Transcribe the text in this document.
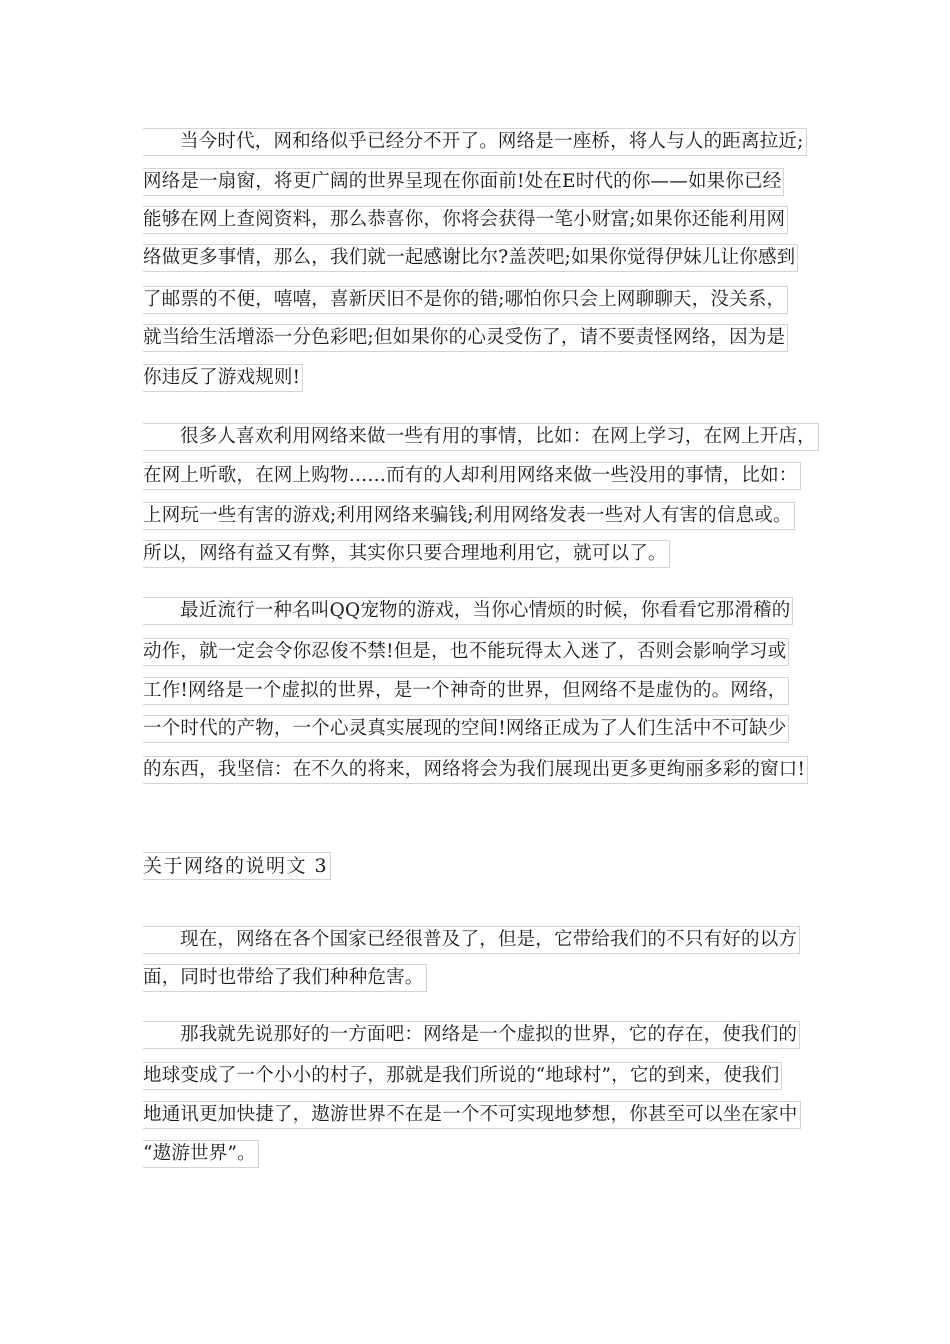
当今时代，网和络似乎已经分不开了。网络是一座桥，将人与人的距离拉近;
网络是一扇窗，将更广阔的世界呈现在你面前!处在E时代的你——如果你已经
能够在网上查阅资料，那么恭喜你，你将会获得一笔小财富;如果你还能利用网
络做更多事情，那么，我们就一起感谢比尔?盖茨吧;如果你觉得伊妹儿让你感到
了邮票的不便，嘻嘻，喜新厌旧不是你的错;哪怕你只会上网聊聊天，没关系，
就当给生活增添一分色彩吧;但如果你的心灵受伤了，请不要责怪网络，因为是
你违反了游戏规则!
很多人喜欢利用网络来做一些有用的事情，比如：在网上学习，在网上开店，
在网上听歌，在网上购物……而有的人却利用网络来做一些没用的事情，比如：
上网玩一些有害的游戏;利用网络来骗钱;利用网络发表一些对人有害的信息或。
所以，网络有益又有弊，其实你只要合理地利用它，就可以了。
最近流行一种名叫QQ宠物的游戏，当你心情烦的时候，你看看它那滑稽的
动作，就一定会令你忍俊不禁!但是，也不能玩得太入迷了，否则会影响学习或
工作!网络是一个虚拟的世界，是一个神奇的世界，但网络不是虚伪的。网络，
一个时代的产物，一个心灵真实展现的空间!网络正成为了人们生活中不可缺少
的东西，我坚信：在不久的将来，网络将会为我们展现出更多更绚丽多彩的窗口!
关于网络的说明文 3
现在，网络在各个国家已经很普及了，但是，它带给我们的不只有好的以方
面，同时也带给了我们种种危害。
那我就先说那好的一方面吧：网络是一个虚拟的世界，它的存在，使我们的
地球变成了一个小小的村子，那就是我们所说的“地球村”，它的到来，使我们
地通讯更加快捷了，遨游世界不在是一个不可实现地梦想，你甚至可以坐在家中
“遨游世界”。
